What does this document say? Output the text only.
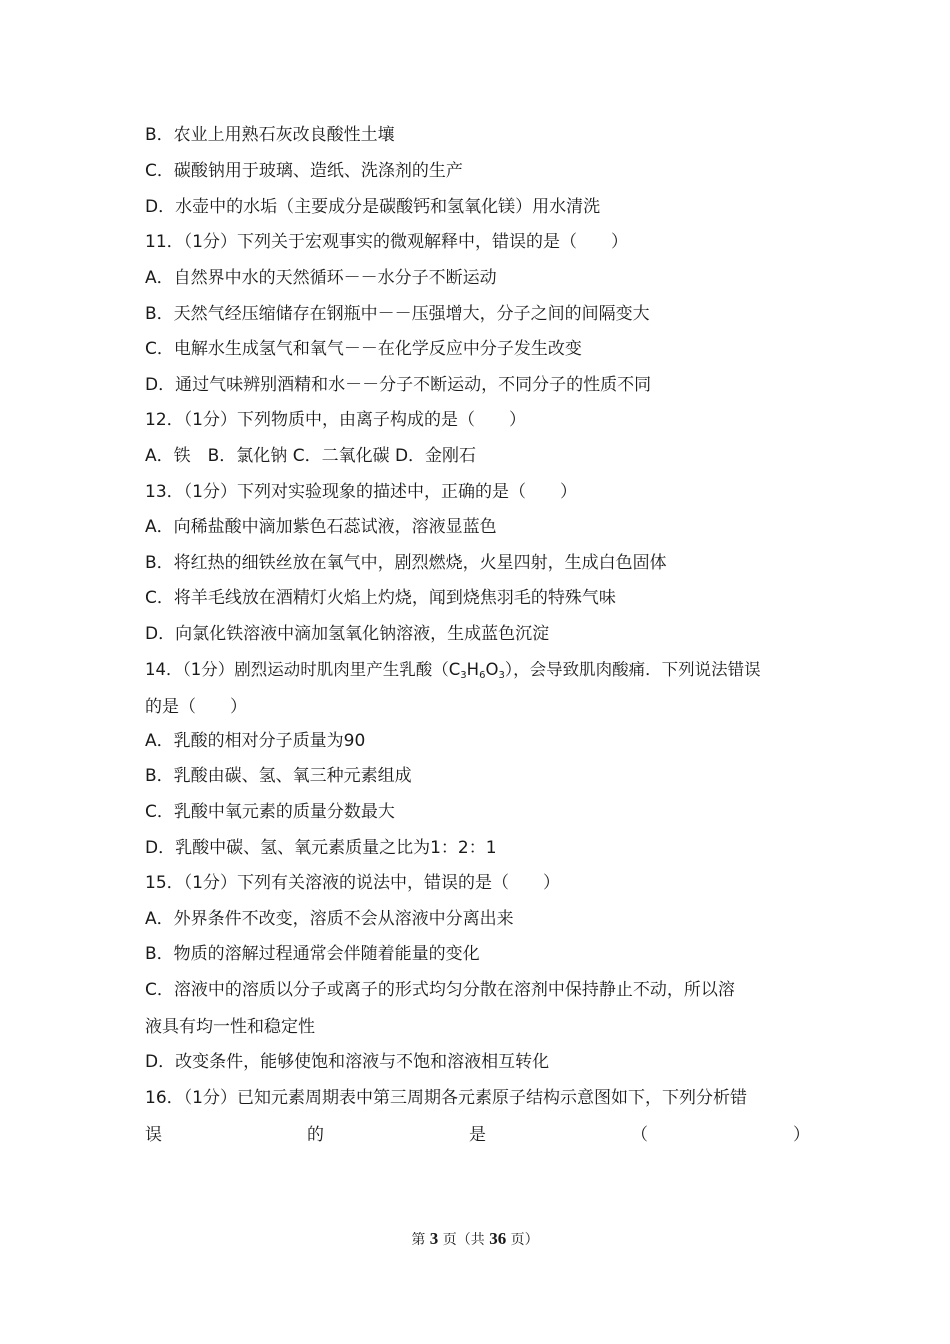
B．农业上用熟石灰改良酸性土壤
C．碳酸钠用于玻璃、造纸、洗涤剂的生产
D．水壶中的水垢（主要成分是碳酸钙和氢氧化镁）用水清洗
11．（1分）下列关于宏观事实的微观解释中，错误的是（　　）
A．自然界中水的天然循环－－水分子不断运动
B．天然气经压缩储存在钢瓶中－－压强增大，分子之间的间隔变大
C．电解水生成氢气和氧气－－在化学反应中分子发生改变
D．通过气味辨别酒精和水－－分子不断运动，不同分子的性质不同
12．（1分）下列物质中，由离子构成的是（　　）
A．铁　B．氯化钠 C．二氧化碳 D．金刚石
13．（1分）下列对实验现象的描述中，正确的是（　　）
A．向稀盐酸中滴加紫色石蕊试液，溶液显蓝色
B．将红热的细铁丝放在氧气中，剧烈燃烧，火星四射，生成白色固体
C．将羊毛线放在酒精灯火焰上灼烧，闻到烧焦羽毛的特殊气味
D．向氯化铁溶液中滴加氢氧化钠溶液，生成蓝色沉淀
14．（1分）剧烈运动时肌肉里产生乳酸$(C_3H_6O_3)$，会导致肌肉酸痛．下列说法错误
的是（　　）
A．乳酸的相对分子质量为90
B．乳酸由碳、氢、氧三种元素组成
C．乳酸中氧元素的质量分数最大
D．乳酸中碳、氢、氧元素质量之比为1：2：1
15．（1分）下列有关溶液的说法中，错误的是（　　）
A．外界条件不改变，溶质不会从溶液中分离出来
B．物质的溶解过程通常会伴随着能量的变化
C．溶液中的溶质以分子或离子的形式均匀分散在溶剂中保持静止不动，所以溶
液具有均一性和稳定性
D．改变条件，能够使饱和溶液与不饱和溶液相互转化
16．（1分）已知元素周期表中第三周期各元素原子结构示意图如下，下列分析错
误	的	是	（	）
第 3 页（共 36 页）
